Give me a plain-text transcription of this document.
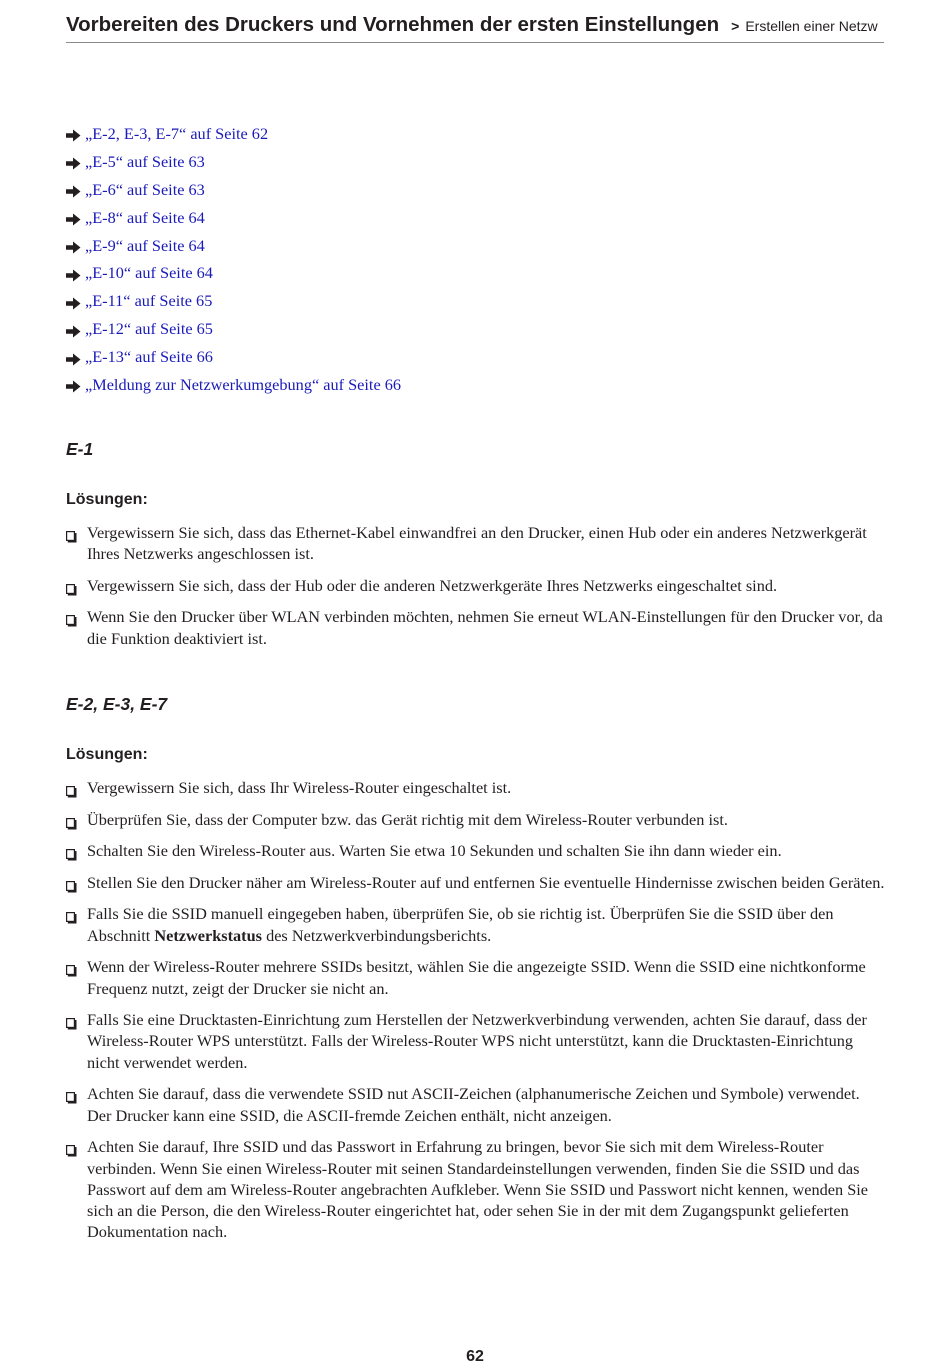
Vorbereiten des Druckers und Vornehmen der ersten Einstellungen > Erstellen einer Netzw
„E-2, E-3, E-7“ auf Seite 62
„E-5“ auf Seite 63
„E-6“ auf Seite 63
„E-8“ auf Seite 64
„E-9“ auf Seite 64
„E-10“ auf Seite 64
„E-11“ auf Seite 65
„E-12“ auf Seite 65
„E-13“ auf Seite 66
„Meldung zur Netzwerkumgebung“ auf Seite 66
E-1
Lösungen:
Vergewissern Sie sich, dass das Ethernet-Kabel einwandfrei an den Drucker, einen Hub oder ein anderes Netzwerkgerät Ihres Netzwerks angeschlossen ist.
Vergewissern Sie sich, dass der Hub oder die anderen Netzwerkgeräte Ihres Netzwerks eingeschaltet sind.
Wenn Sie den Drucker über WLAN verbinden möchten, nehmen Sie erneut WLAN-Einstellungen für den Drucker vor, da die Funktion deaktiviert ist.
E-2, E-3, E-7
Lösungen:
Vergewissern Sie sich, dass Ihr Wireless-Router eingeschaltet ist.
Überprüfen Sie, dass der Computer bzw. das Gerät richtig mit dem Wireless-Router verbunden ist.
Schalten Sie den Wireless-Router aus. Warten Sie etwa 10 Sekunden und schalten Sie ihn dann wieder ein.
Stellen Sie den Drucker näher am Wireless-Router auf und entfernen Sie eventuelle Hindernisse zwischen beiden Geräten.
Falls Sie die SSID manuell eingegeben haben, überprüfen Sie, ob sie richtig ist. Überprüfen Sie die SSID über den Abschnitt Netzwerkstatus des Netzwerkverbindungsberichts.
Wenn der Wireless-Router mehrere SSIDs besitzt, wählen Sie die angezeigte SSID. Wenn die SSID eine nichtkonforme Frequenz nutzt, zeigt der Drucker sie nicht an.
Falls Sie eine Drucktasten-Einrichtung zum Herstellen der Netzwerkverbindung verwenden, achten Sie darauf, dass der Wireless-Router WPS unterstützt. Falls der Wireless-Router WPS nicht unterstützt, kann die Drucktasten-Einrichtung nicht verwendet werden.
Achten Sie darauf, dass die verwendete SSID nut ASCII-Zeichen (alphanumerische Zeichen und Symbole) verwendet. Der Drucker kann eine SSID, die ASCII-fremde Zeichen enthält, nicht anzeigen.
Achten Sie darauf, Ihre SSID und das Passwort in Erfahrung zu bringen, bevor Sie sich mit dem Wireless-Router verbinden. Wenn Sie einen Wireless-Router mit seinen Standardeinstellungen verwenden, finden Sie die SSID und das Passwort auf dem am Wireless-Router angebrachten Aufkleber. Wenn Sie SSID und Passwort nicht kennen, wenden Sie sich an die Person, die den Wireless-Router eingerichtet hat, oder sehen Sie in der mit dem Zugangspunkt gelieferten Dokumentation nach.
62
